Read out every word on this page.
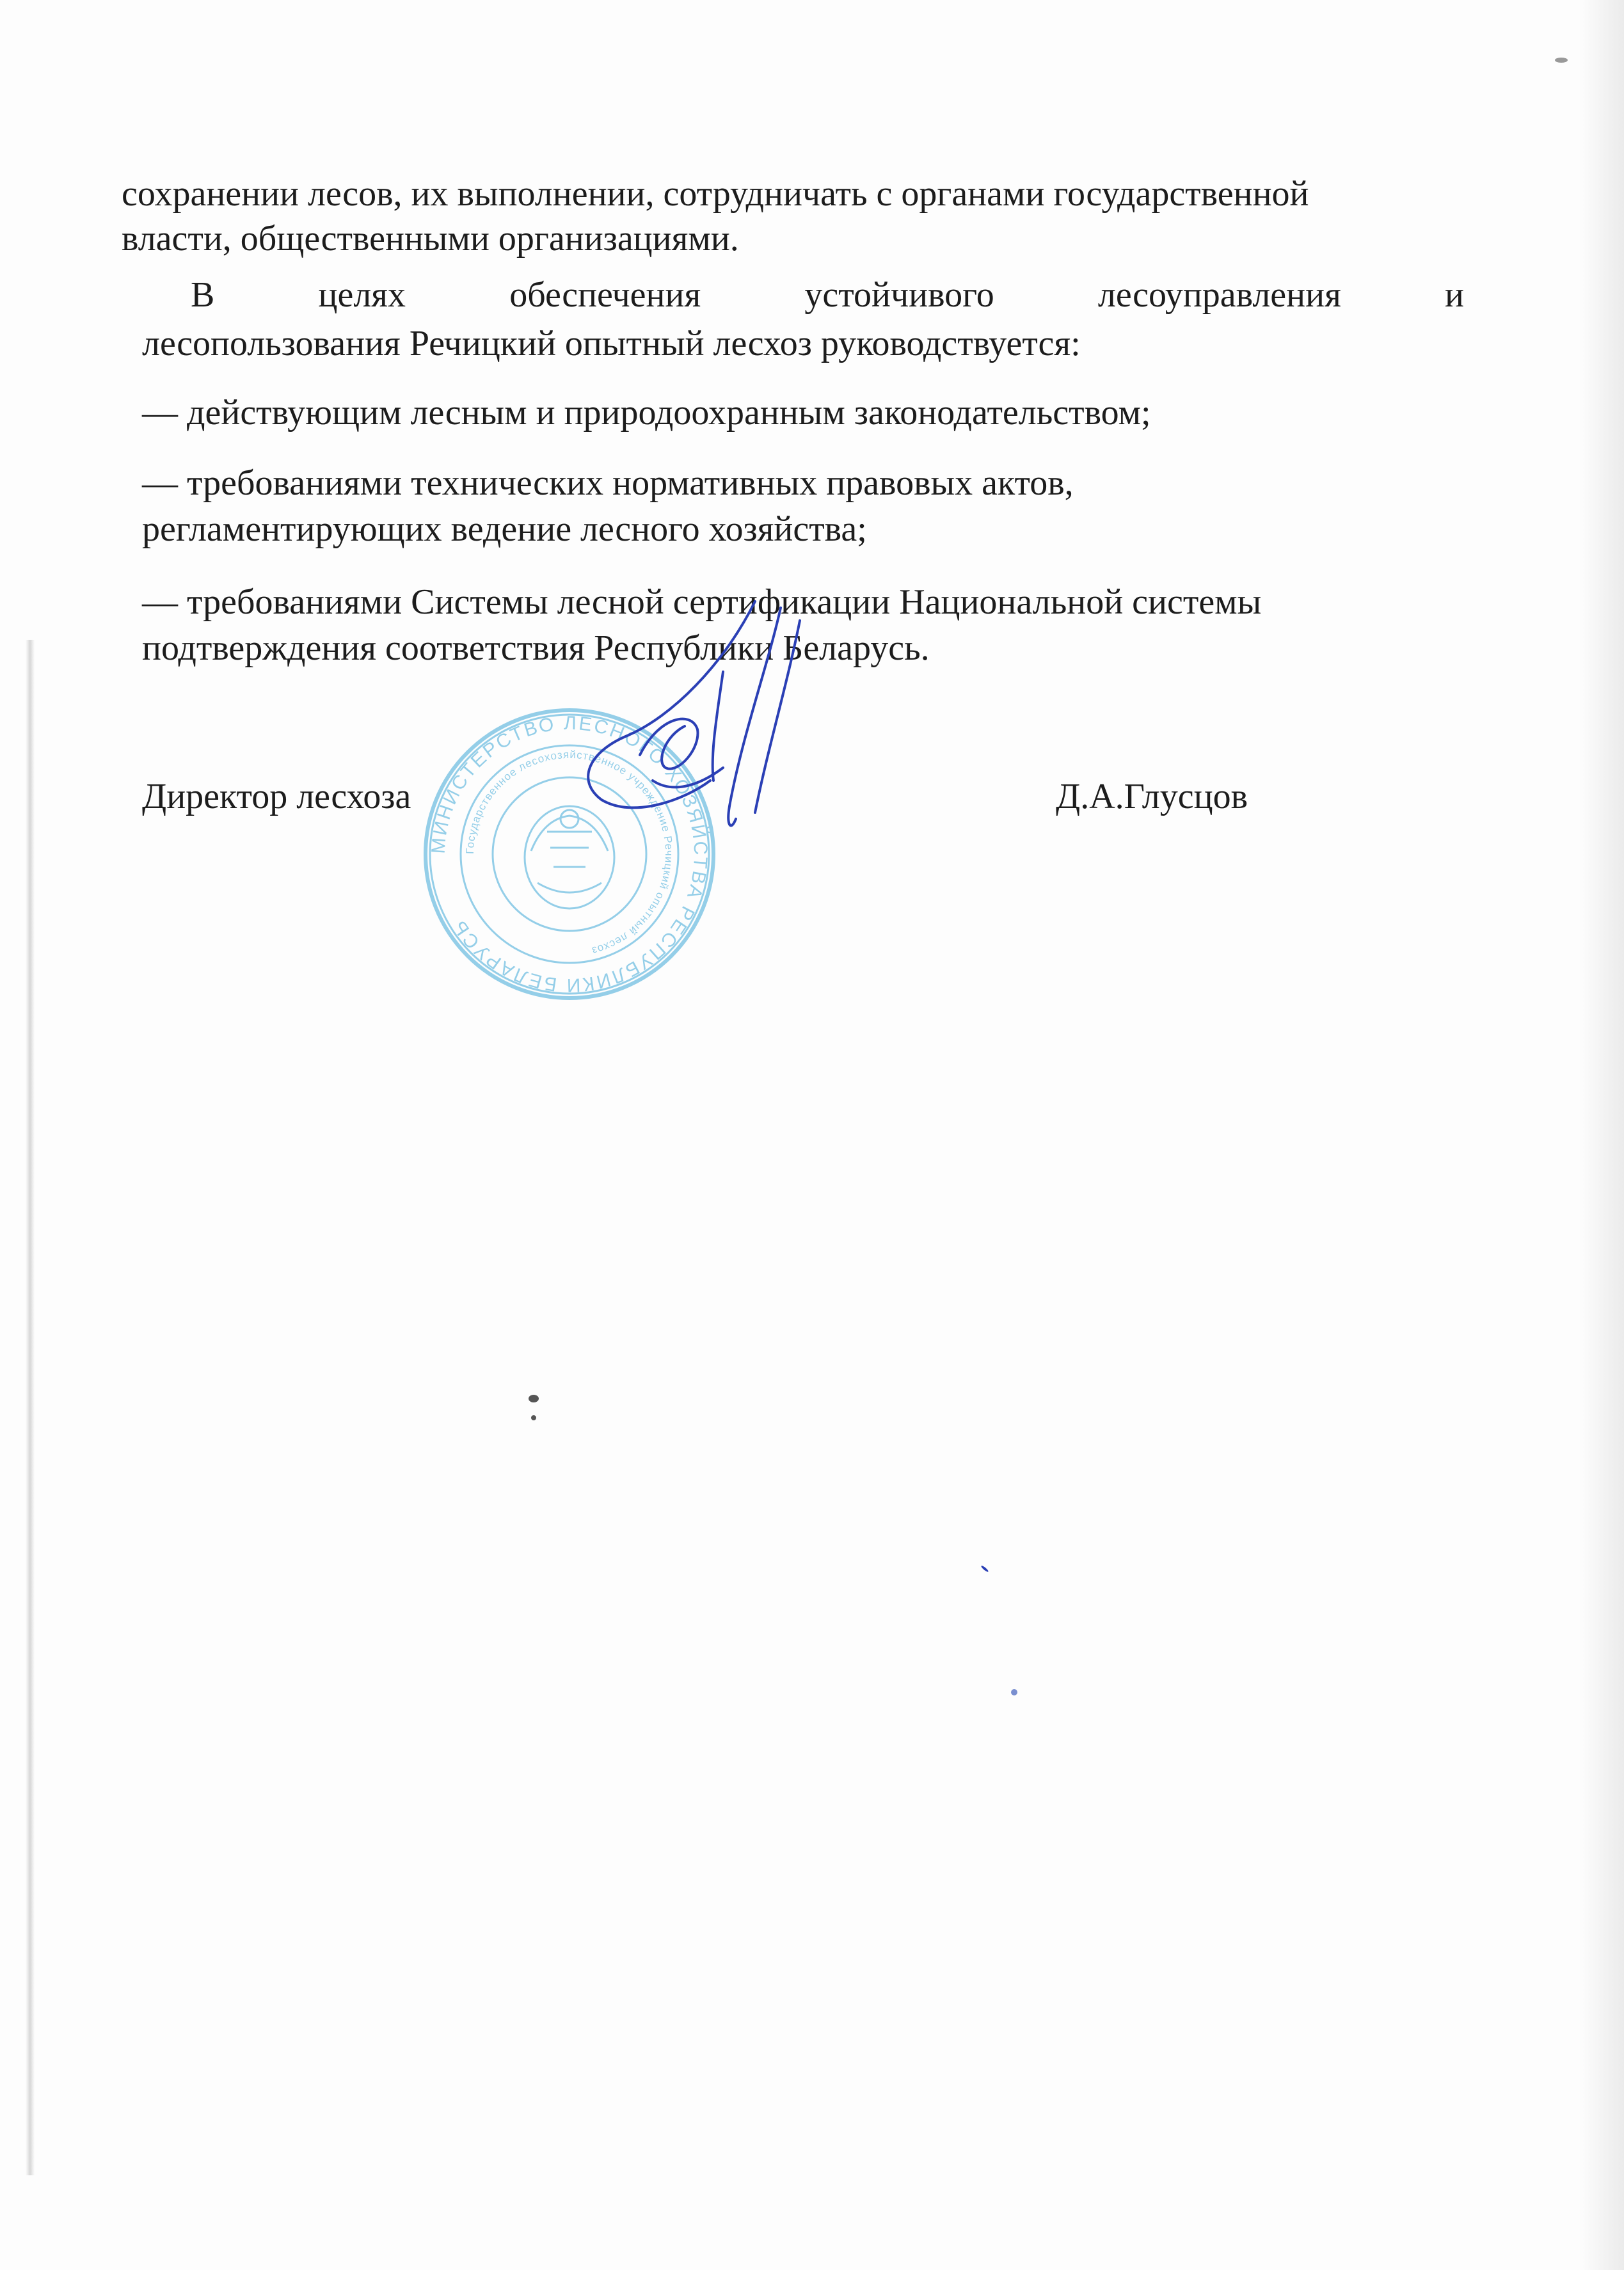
сохранении лесов, их выполнении, сотрудничать с органами государственной
власти, общественными организациями.
В целях обеспечения устойчивого лесоуправления и
лесопользования Речицкий опытный лесхоз руководствуется:
— действующим лесным и природоохранным законодательством;
— требованиями технических нормативных правовых актов,
регламентирующих ведение лесного хозяйства;
— требованиями Системы лесной сертификации Национальной системы
подтверждения соответствия Республики Беларусь.
Директор лесхоза	Д.А.Глусцов
МИНИСТЕРСТВО ЛЕСНОГО ХОЗЯЙСТВА РЕСПУБЛИКИ БЕЛАРУСЬ
Государственное лесохозяйственное учреждение Речицкий опытный лесхоз
